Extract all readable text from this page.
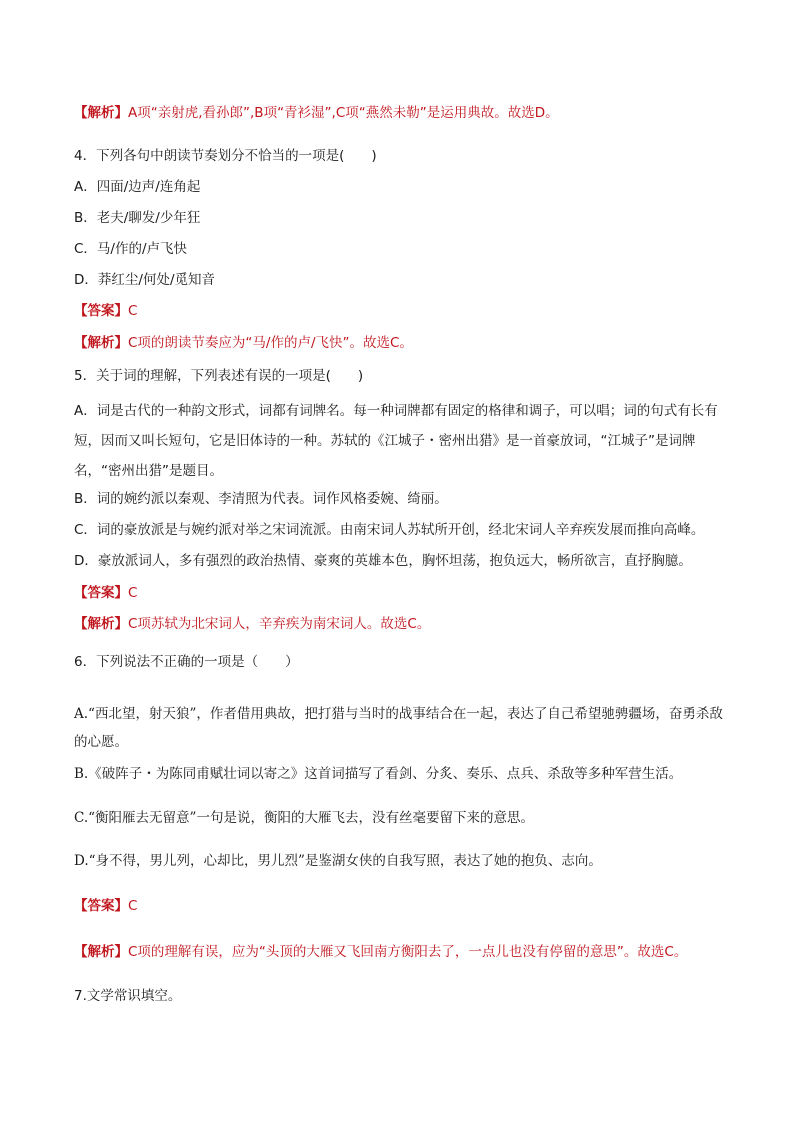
【解析】A项“亲射虎,看孙郎”,B项“青衫湿”,C项“燕然未勒”是运用典故。故选D。
4．下列各句中朗读节奏划分不恰当的一项是(　　)
A．四面/边声/连角起
B．老夫/聊发/少年狂
C．马/作的/卢飞快
D．莽红尘/何处/觅知音
【答案】C
【解析】C项的朗读节奏应为“马/作的卢/飞快”。故选C。
5．关于词的理解，下列表述有误的一项是(　　)
A．词是古代的一种韵文形式，词都有词牌名。每一种词牌都有固定的格律和调子，可以唱；词的句式有长有短，因而又叫长短句，它是旧体诗的一种。苏轼的《江城子・密州出猎》是一首豪放词，“江城子”是词牌名，“密州出猎”是题目。
B．词的婉约派以秦观、李清照为代表。词作风格委婉、绮丽。
C．词的豪放派是与婉约派对举之宋词流派。由南宋词人苏轼所开创，经北宋词人辛弃疾发展而推向高峰。
D．豪放派词人，多有强烈的政治热情、豪爽的英雄本色，胸怀坦荡，抱负远大，畅所欲言，直抒胸臆。
【答案】C
【解析】C项苏轼为北宋词人，辛弃疾为南宋词人。故选C。
6．下列说法不正确的一项是（　　）
A.“西北望，射天狼”，作者借用典故，把打猎与当时的战事结合在一起，表达了自己希望驰骋疆场，奋勇杀敌的心愿。
B.《破阵子・为陈同甫赋壮词以寄之》这首词描写了看剑、分炙、奏乐、点兵、杀敌等多种军营生活。
C.“衡阳雁去无留意”一句是说，衡阳的大雁飞去，没有丝毫要留下来的意思。
D.“身不得，男儿列，心却比，男儿烈”是鉴湖女侠的自我写照，表达了她的抱负、志向。
【答案】C
【解析】C项的理解有误，应为“头顶的大雁又飞回南方衡阳去了，一点儿也没有停留的意思”。故选C。
7.文学常识填空。
